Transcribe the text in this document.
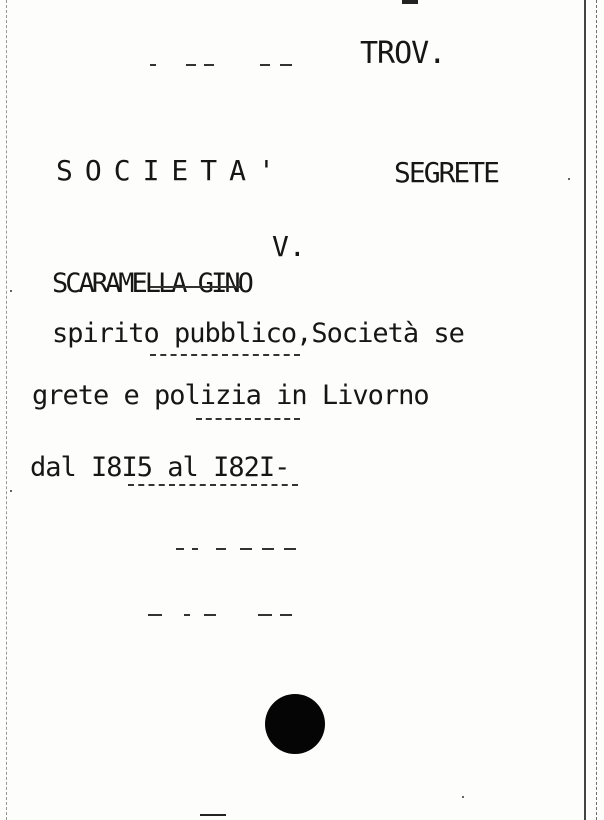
TROV.
SOCIETA'	SEGRETE
V.
SCARAMELLA GINO
spirito pubblico,Società se
grete e polizia in Livorno
dal I8I5 al I82I-
